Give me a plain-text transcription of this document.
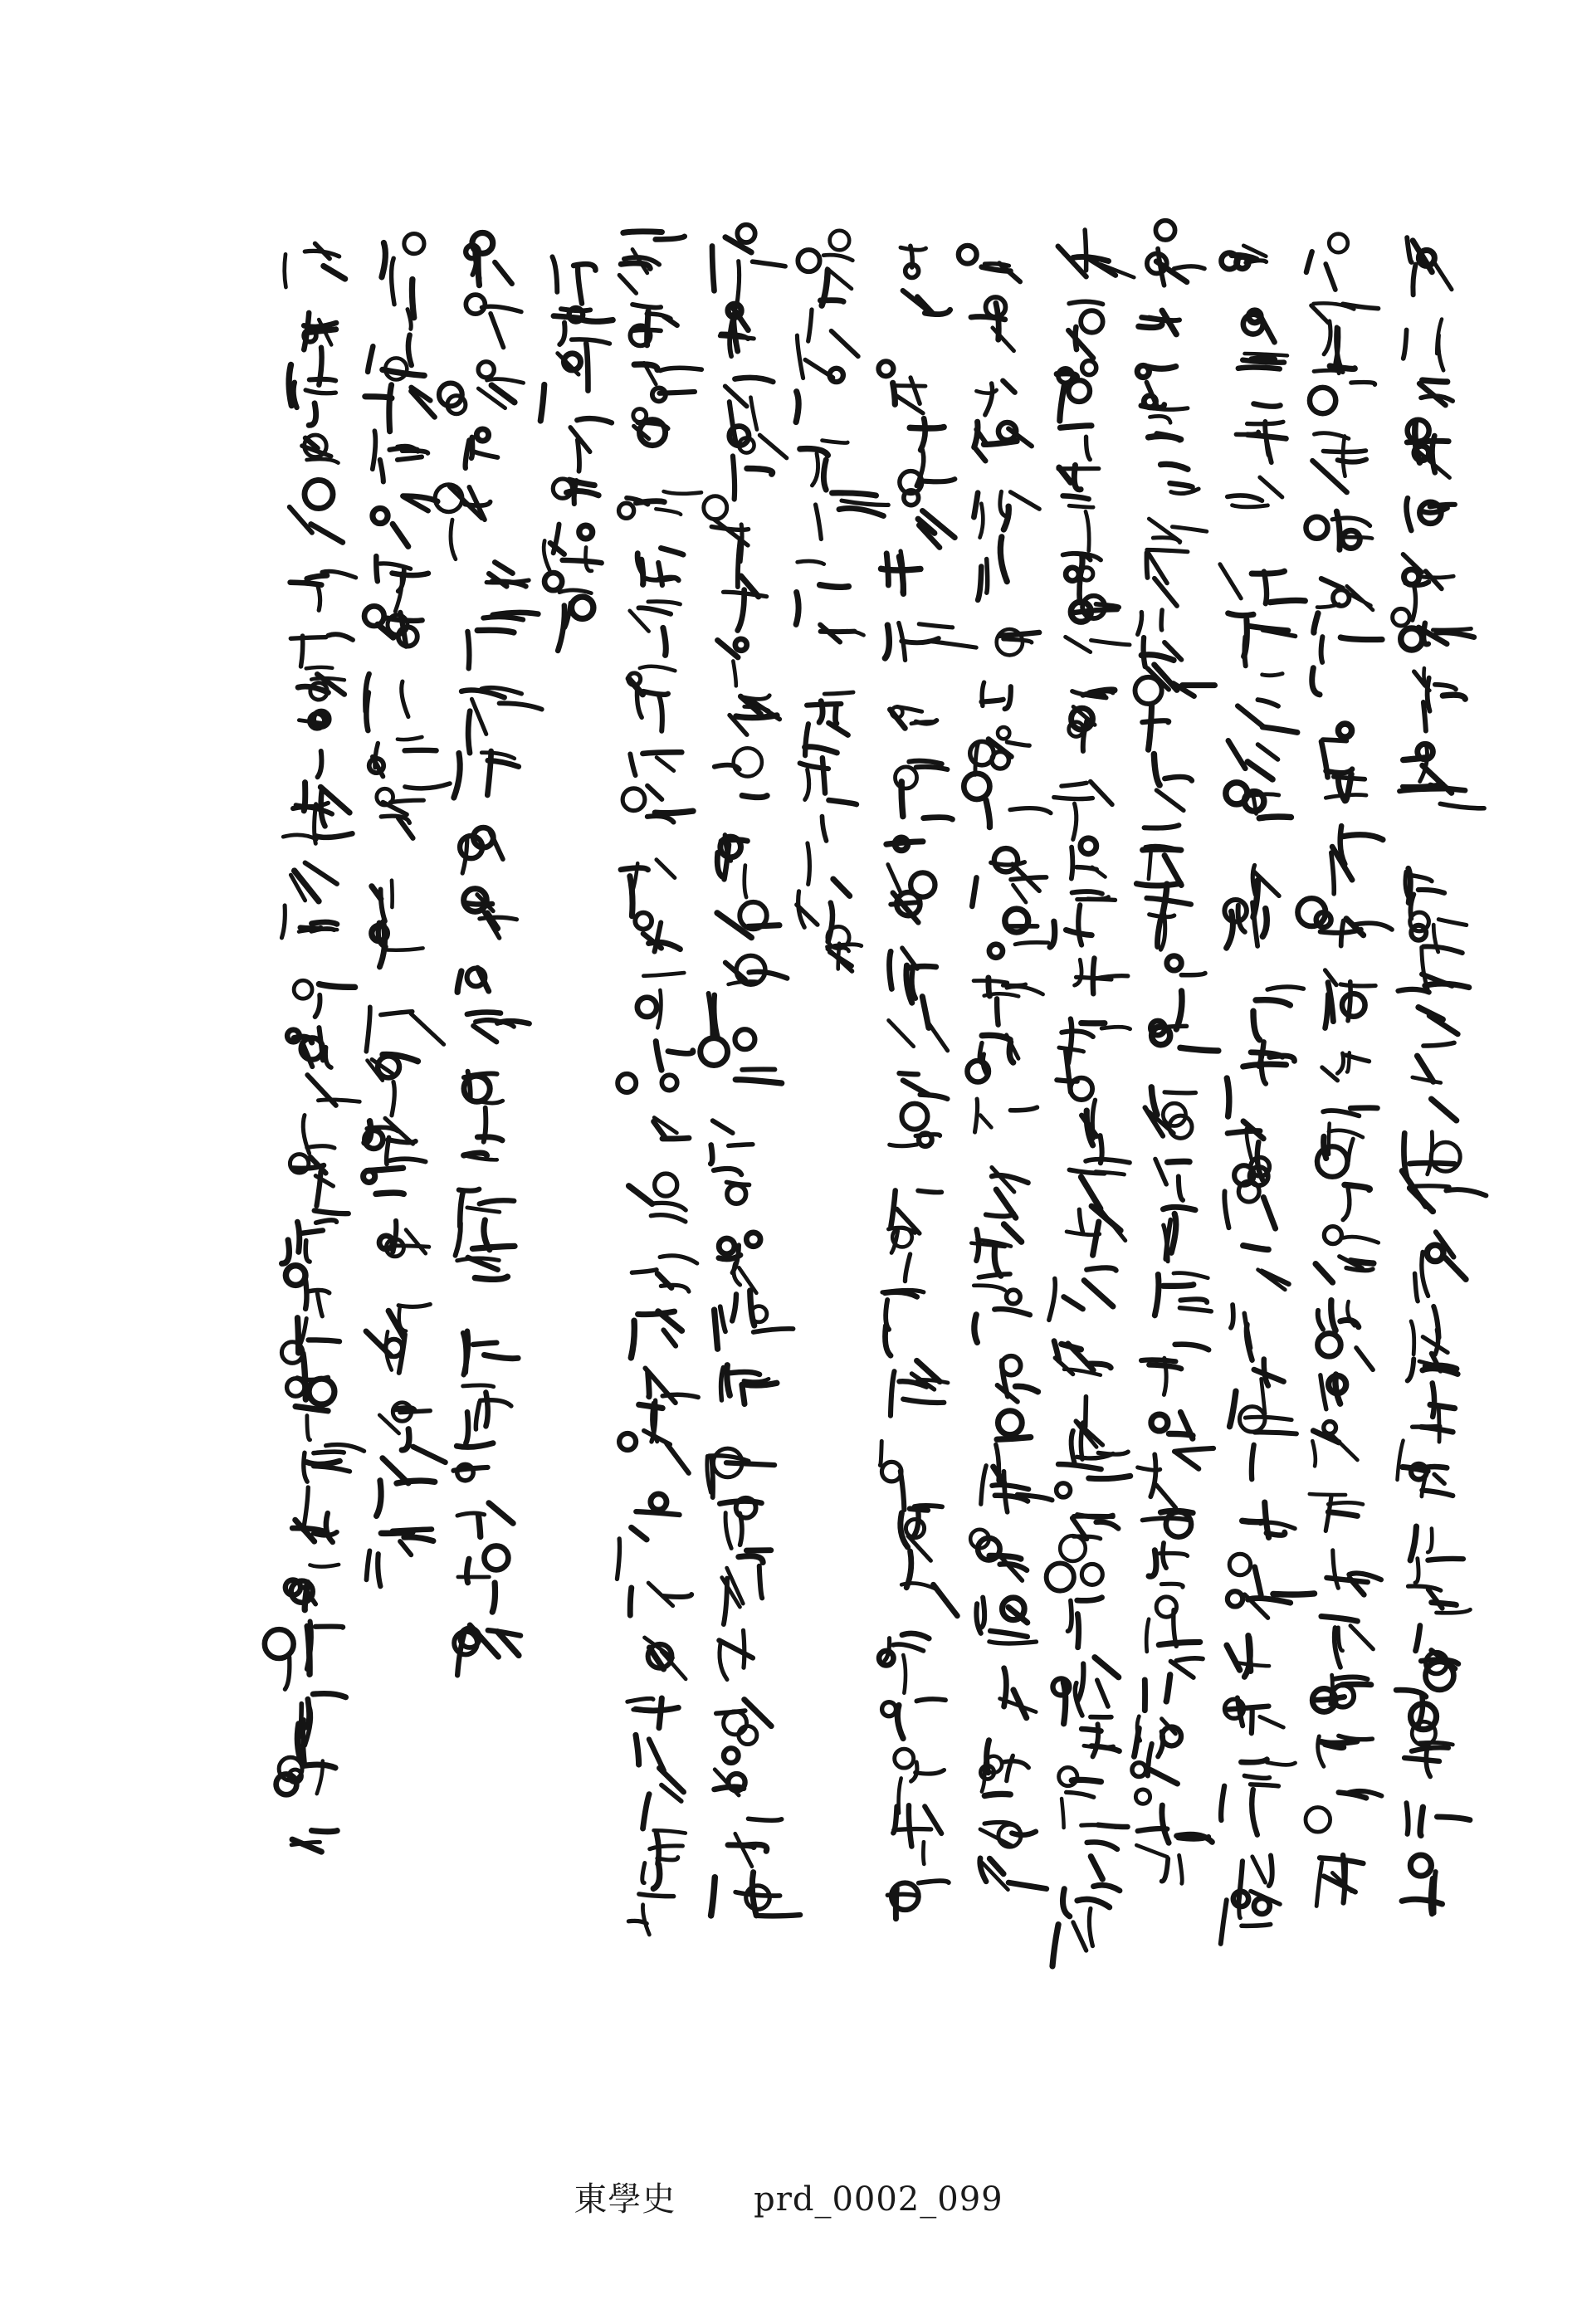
東學史 prd_0002_099
